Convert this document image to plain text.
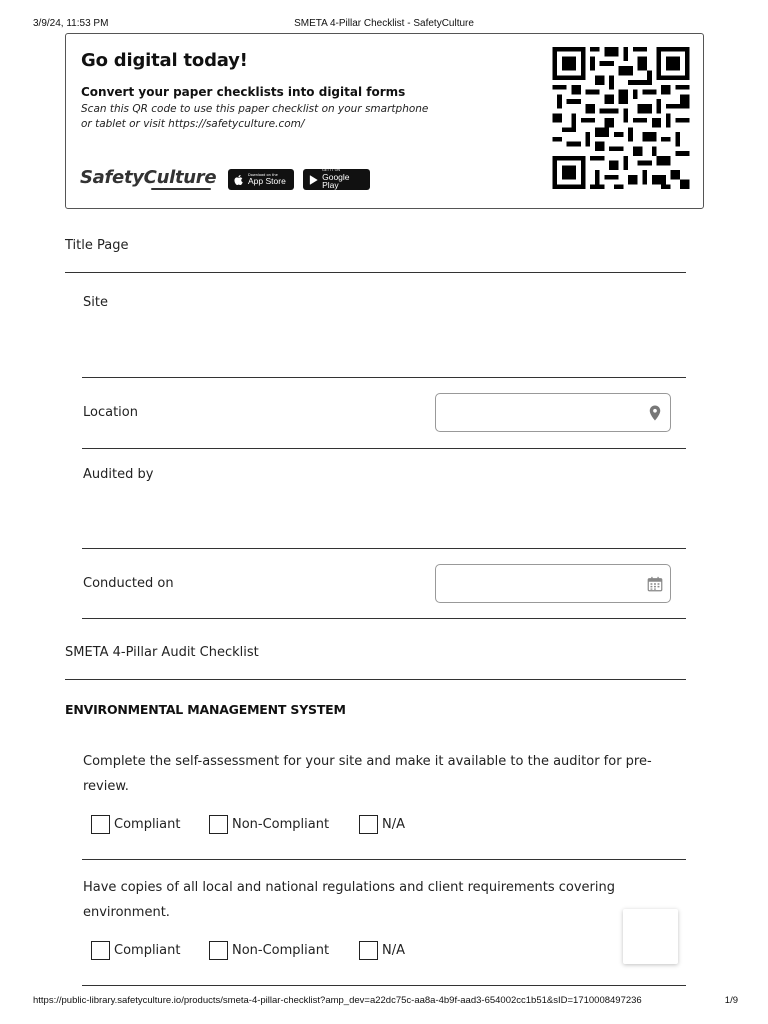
3/9/24, 11:53 PM	SMETA 4-Pillar Checklist - SafetyCulture
Go digital today!
Convert your paper checklists into digital forms
Scan this QR code to use this paper checklist on your smartphone or tablet or visit https://safetyculture.com/
SafetyCulture	Download on the
App Store
GET IT ON
Google Play
Title Page
Site
Location
Audited by
Conducted on
SMETA 4-Pillar Audit Checklist
ENVIRONMENTAL MANAGEMENT SYSTEM
Complete the self-assessment for your site and make it available to the auditor for pre-review.
Compliant	Non-Compliant	N/A
Have copies of all local and national regulations and client requirements covering environment.
Compliant	Non-Compliant	N/A
https://public-library.safetyculture.io/products/smeta-4-pillar-checklist?amp_dev=a22dc75c-aa8a-4b9f-aad3-654002cc1b51&sID=1710008497236	1/9
